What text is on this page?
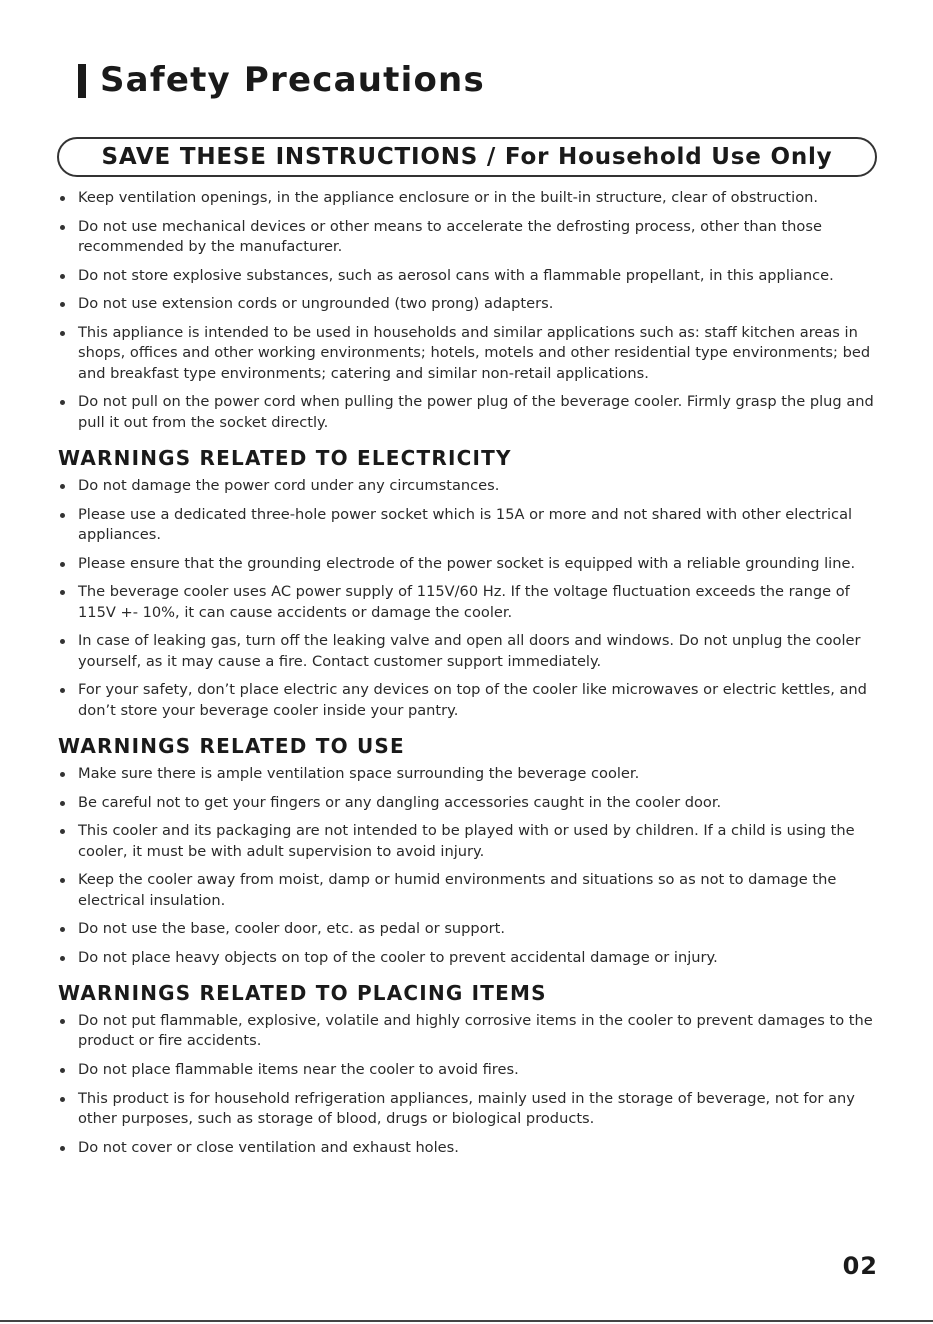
Safety Precautions
SAVE THESE INSTRUCTIONS / For Household Use Only
Keep ventilation openings, in the appliance enclosure or in the built-in structure, clear of obstruction.
Do not use mechanical devices or other means to accelerate the defrosting process, other than those recommended by the manufacturer.
Do not store explosive substances, such as aerosol cans with a flammable propellant, in this appliance.
Do not use extension cords or ungrounded (two prong) adapters.
This appliance is intended to be used in households and similar applications such as: staff kitchen areas in shops, offices and other working environments; hotels, motels and other residential type environments; bed and breakfast type environments; catering and similar non-retail applications.
Do not pull on the power cord when pulling the power plug of the beverage cooler. Firmly grasp the plug and pull it out from the socket directly.
WARNINGS RELATED TO ELECTRICITY
Do not damage the power cord under any circumstances.
Please use a dedicated three-hole power socket which is 15A or more and not shared with other electrical appliances.
Please ensure that the grounding electrode of the power socket is equipped with a reliable grounding line.
The beverage cooler uses AC power supply of 115V/60 Hz. If the voltage fluctuation exceeds the range of 115V +- 10%, it can cause accidents or damage the cooler.
In case of leaking gas, turn off the leaking valve and open all doors and windows. Do not unplug the cooler yourself, as it may cause a fire. Contact customer support immediately.
For your safety, don’t place electric any devices on top of the cooler like microwaves or electric kettles, and don’t store your beverage cooler inside your pantry.
WARNINGS RELATED TO USE
Make sure there is ample ventilation space surrounding the beverage cooler.
Be careful not to get your fingers or any dangling accessories caught in the cooler door.
This cooler and its packaging are not intended to be played with or used by children. If a child is using the cooler, it must be with adult supervision to avoid injury.
Keep the cooler away from moist, damp or humid environments and situations so as not to damage the electrical insulation.
Do not use the base, cooler door, etc. as pedal or support.
Do not place heavy objects on top of the cooler to prevent accidental damage or injury.
WARNINGS RELATED TO PLACING ITEMS
Do not put flammable, explosive, volatile and highly corrosive items in the cooler to prevent damages to the product or fire accidents.
Do not place flammable items near the cooler to avoid fires.
This product is for household refrigeration appliances, mainly used in the storage of beverage, not for any other purposes, such as storage of blood, drugs or biological products.
Do not cover or close ventilation and exhaust holes.
02
